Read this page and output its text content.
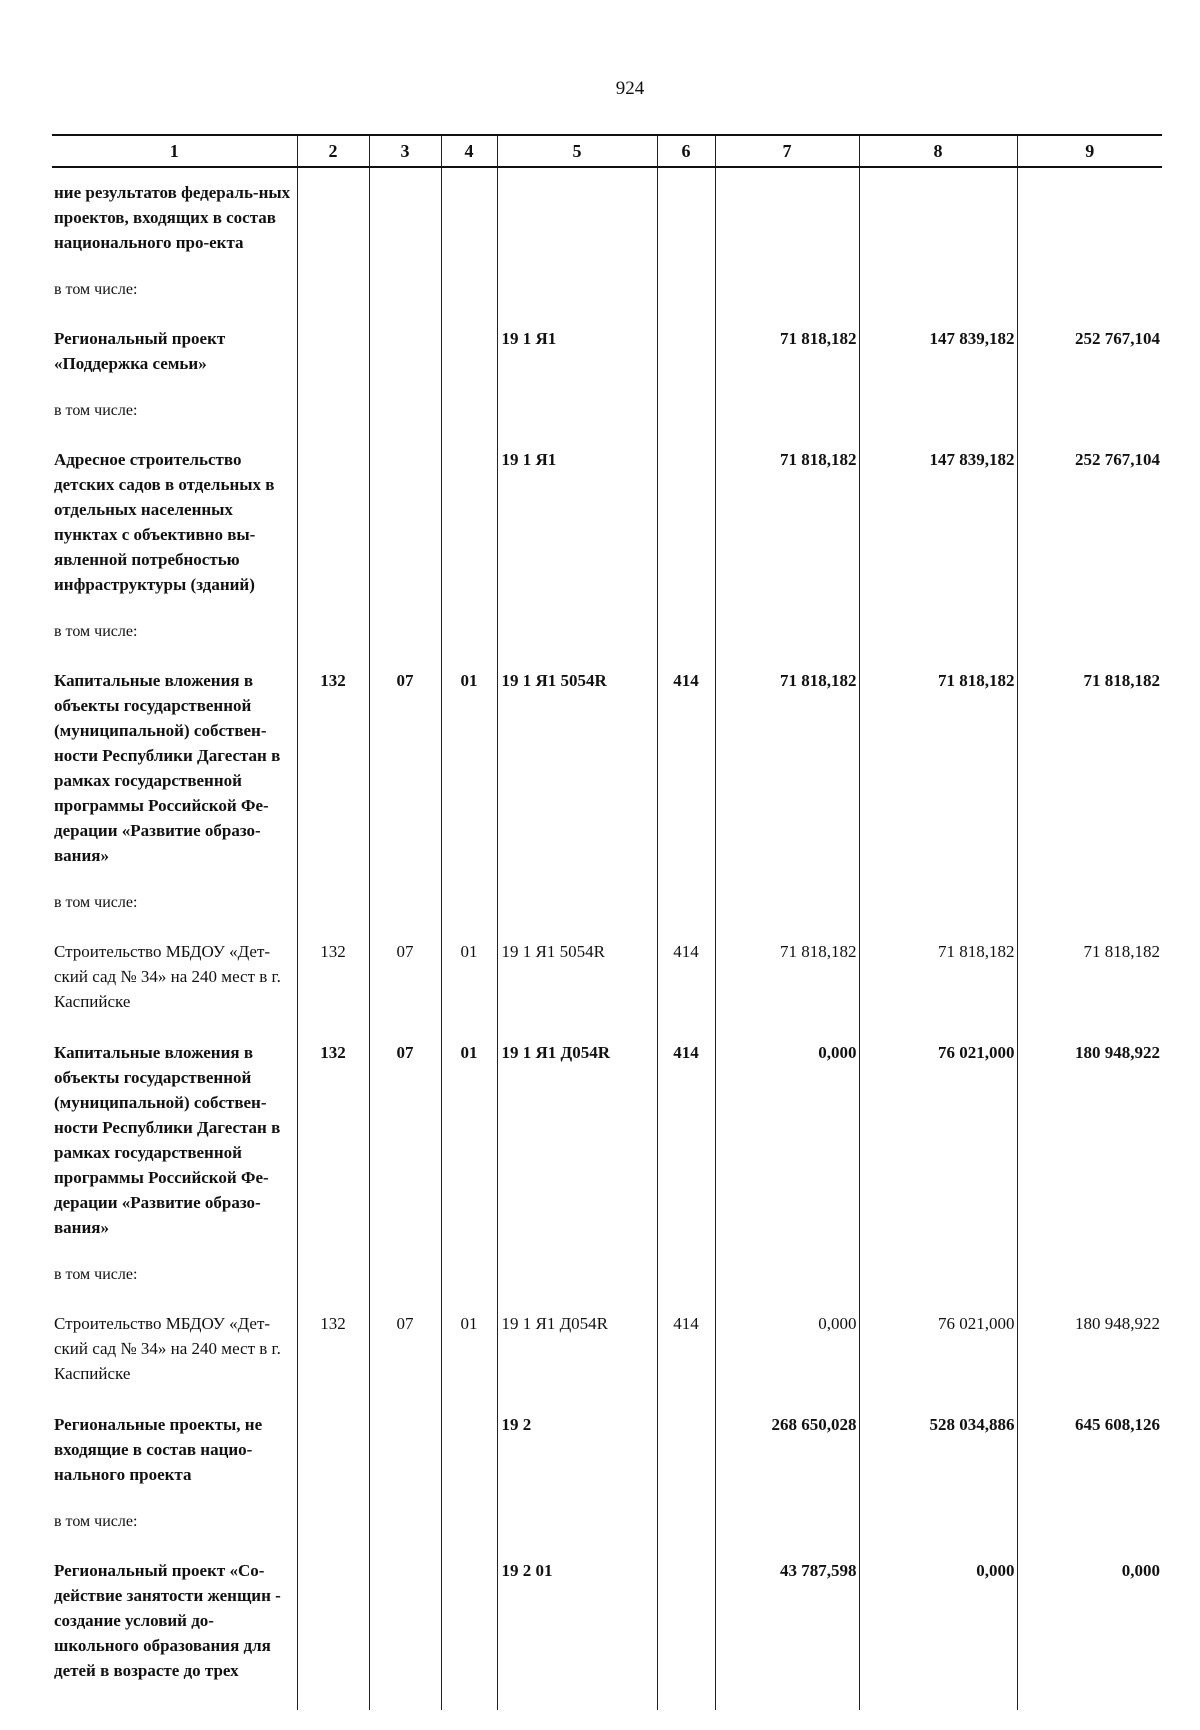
924
1	2	3	4	5	6	7	8	9
ние результатов федераль-ных проектов, входящих в состав национального про-екта								
в том числе:								
Региональный проект «Поддержка семьи»				19 1 Я1		71 818,182	147 839,182	252 767,104
в том числе:								
Адресное строительство детских садов в отдельных в отдельных населенных пунктах с объективно вы-явленной потребностью инфраструктуры (зданий)				19 1 Я1		71 818,182	147 839,182	252 767,104
в том числе:								
Капитальные вложения в объекты государственной (муниципальной) собствен-ности Республики Дагестан в рамках государственной программы Российской Фе-дерации «Развитие образо-вания»	132	07	01	19 1 Я1 5054R	414	71 818,182	71 818,182	71 818,182
в том числе:								
Строительство МБДОУ «Дет-ский сад № 34» на 240 мест в г. Каспийске	132	07	01	19 1 Я1 5054R	414	71 818,182	71 818,182	71 818,182
Капитальные вложения в объекты государственной (муниципальной) собствен-ности Республики Дагестан в рамках государственной программы Российской Фе-дерации «Развитие образо-вания»	132	07	01	19 1 Я1 Д054R	414	0,000	76 021,000	180 948,922
в том числе:								
Строительство МБДОУ «Дет-ский сад № 34» на 240 мест в г. Каспийске	132	07	01	19 1 Я1 Д054R	414	0,000	76 021,000	180 948,922
Региональные проекты, не входящие в состав нацио-нального проекта				19 2		268 650,028	528 034,886	645 608,126
в том числе:								
Региональный проект «Со-действие занятости женщин - создание условий до-школьного образования для детей в возрасте до трех				19 2 01		43 787,598	0,000	0,000
